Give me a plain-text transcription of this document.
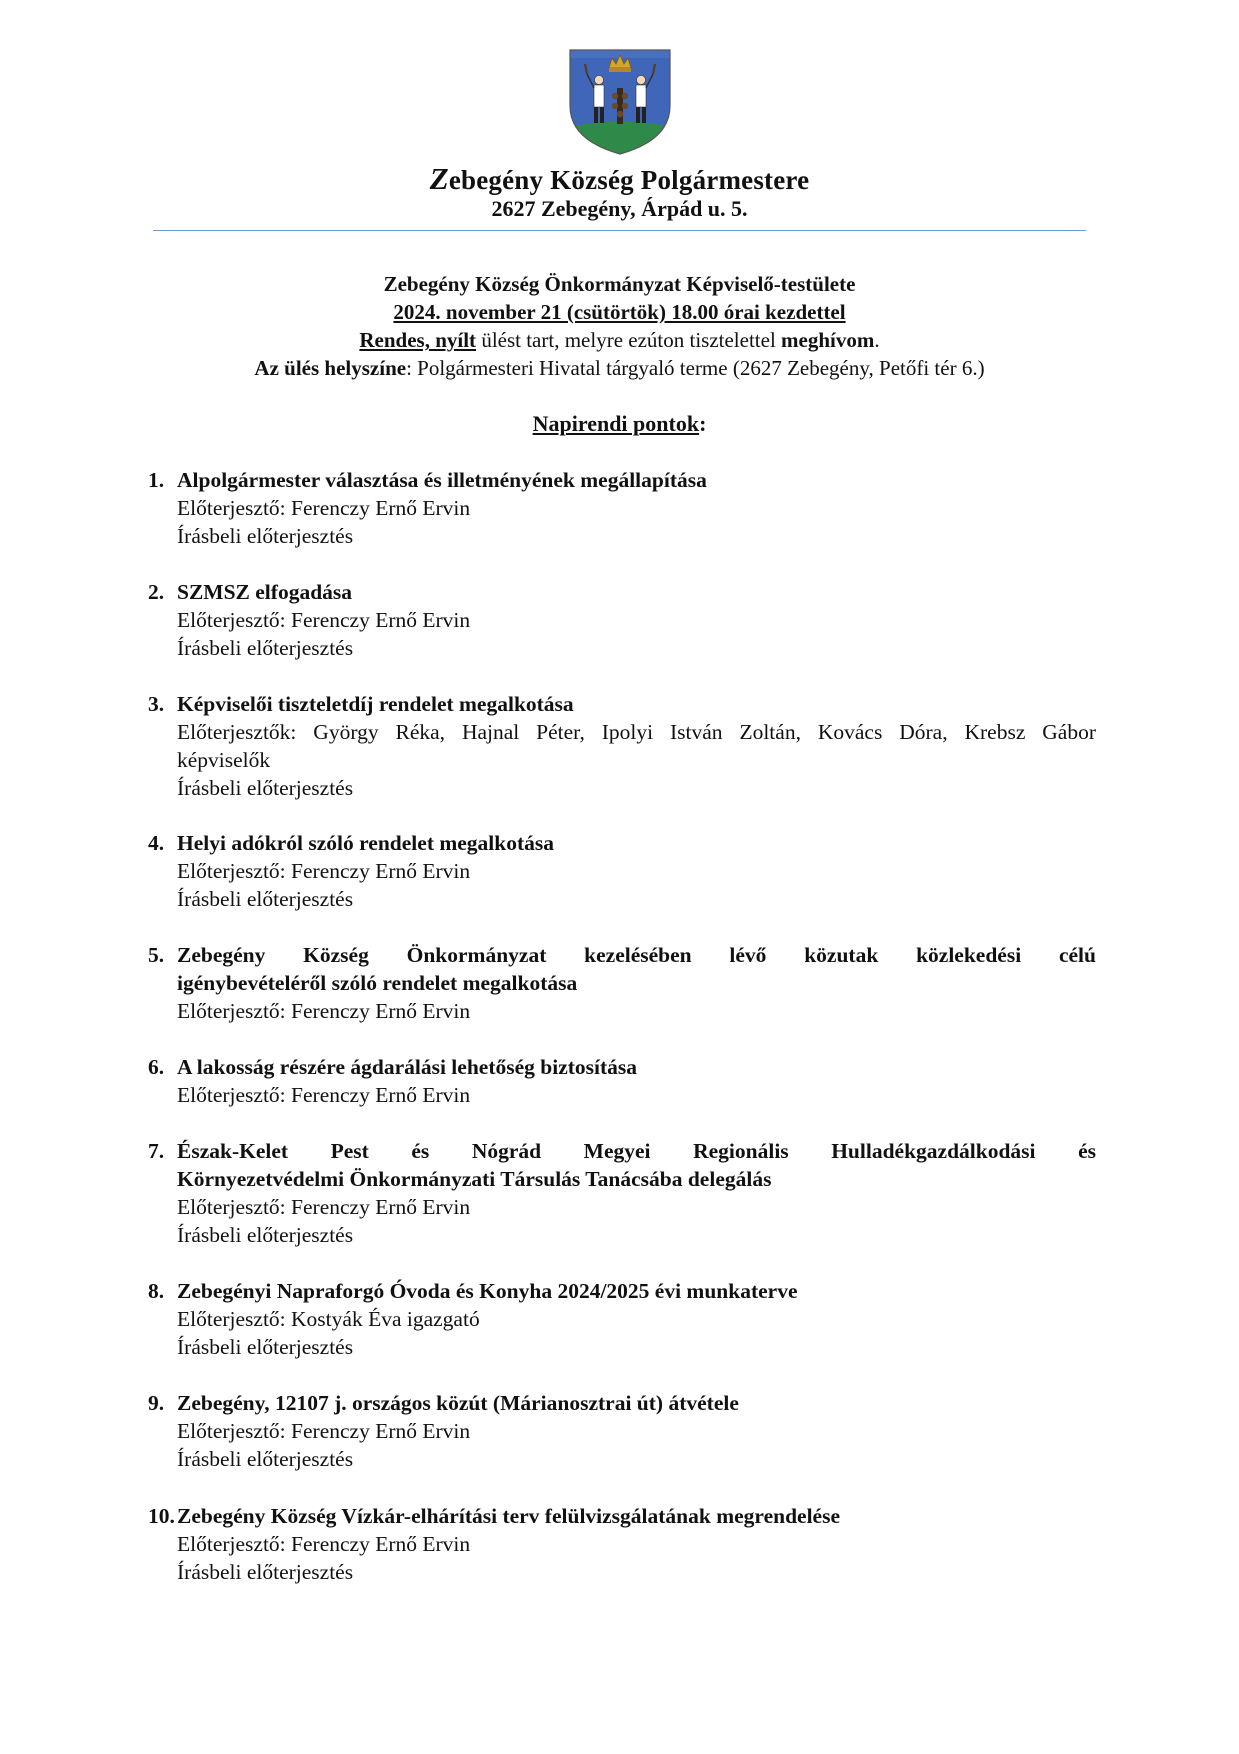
Zebegény Község Polgármestere
2627 Zebegény, Árpád u. 5.
Zebegény Község Önkormányzat Képviselő-testülete
2024. november 21 (csütörtök) 18.00 órai kezdettel
Rendes, nyílt ülést tart, melyre ezúton tisztelettel meghívom.
Az ülés helyszíne: Polgármesteri Hivatal tárgyaló terme (2627 Zebegény, Petőfi tér 6.)
Napirendi pontok:
1. Alpolgármester választása és illetményének megállapítása
Előterjesztő: Ferenczy Ernő Ervin
Írásbeli előterjesztés
2. SZMSZ elfogadása
Előterjesztő: Ferenczy Ernő Ervin
Írásbeli előterjesztés
3. Képviselői tiszteletdíj rendelet megalkotása
Előterjesztők: György Réka, Hajnal Péter, Ipolyi István Zoltán, Kovács Dóra, Krebsz Gábor
képviselők
Írásbeli előterjesztés
4. Helyi adókról szóló rendelet megalkotása
Előterjesztő: Ferenczy Ernő Ervin
Írásbeli előterjesztés
5. Zebegény Község Önkormányzat kezelésében lévő közutak közlekedési célú
igénybevételéről szóló rendelet megalkotása
Előterjesztő: Ferenczy Ernő Ervin
6. A lakosság részére ágdarálási lehetőség biztosítása
Előterjesztő: Ferenczy Ernő Ervin
7. Észak-Kelet Pest és Nógrád Megyei Regionális Hulladékgazdálkodási és
Környezetvédelmi Önkormányzati Társulás Tanácsába delegálás
Előterjesztő: Ferenczy Ernő Ervin
Írásbeli előterjesztés
8. Zebegényi Napraforgó Óvoda és Konyha 2024/2025 évi munkaterve
Előterjesztő: Kostyák Éva igazgató
Írásbeli előterjesztés
9. Zebegény, 12107 j. országos közút (Márianosztrai út) átvétele
Előterjesztő: Ferenczy Ernő Ervin
Írásbeli előterjesztés
10. Zebegény Község Vízkár-elhárítási terv felülvizsgálatának megrendelése
Előterjesztő: Ferenczy Ernő Ervin
Írásbeli előterjesztés
